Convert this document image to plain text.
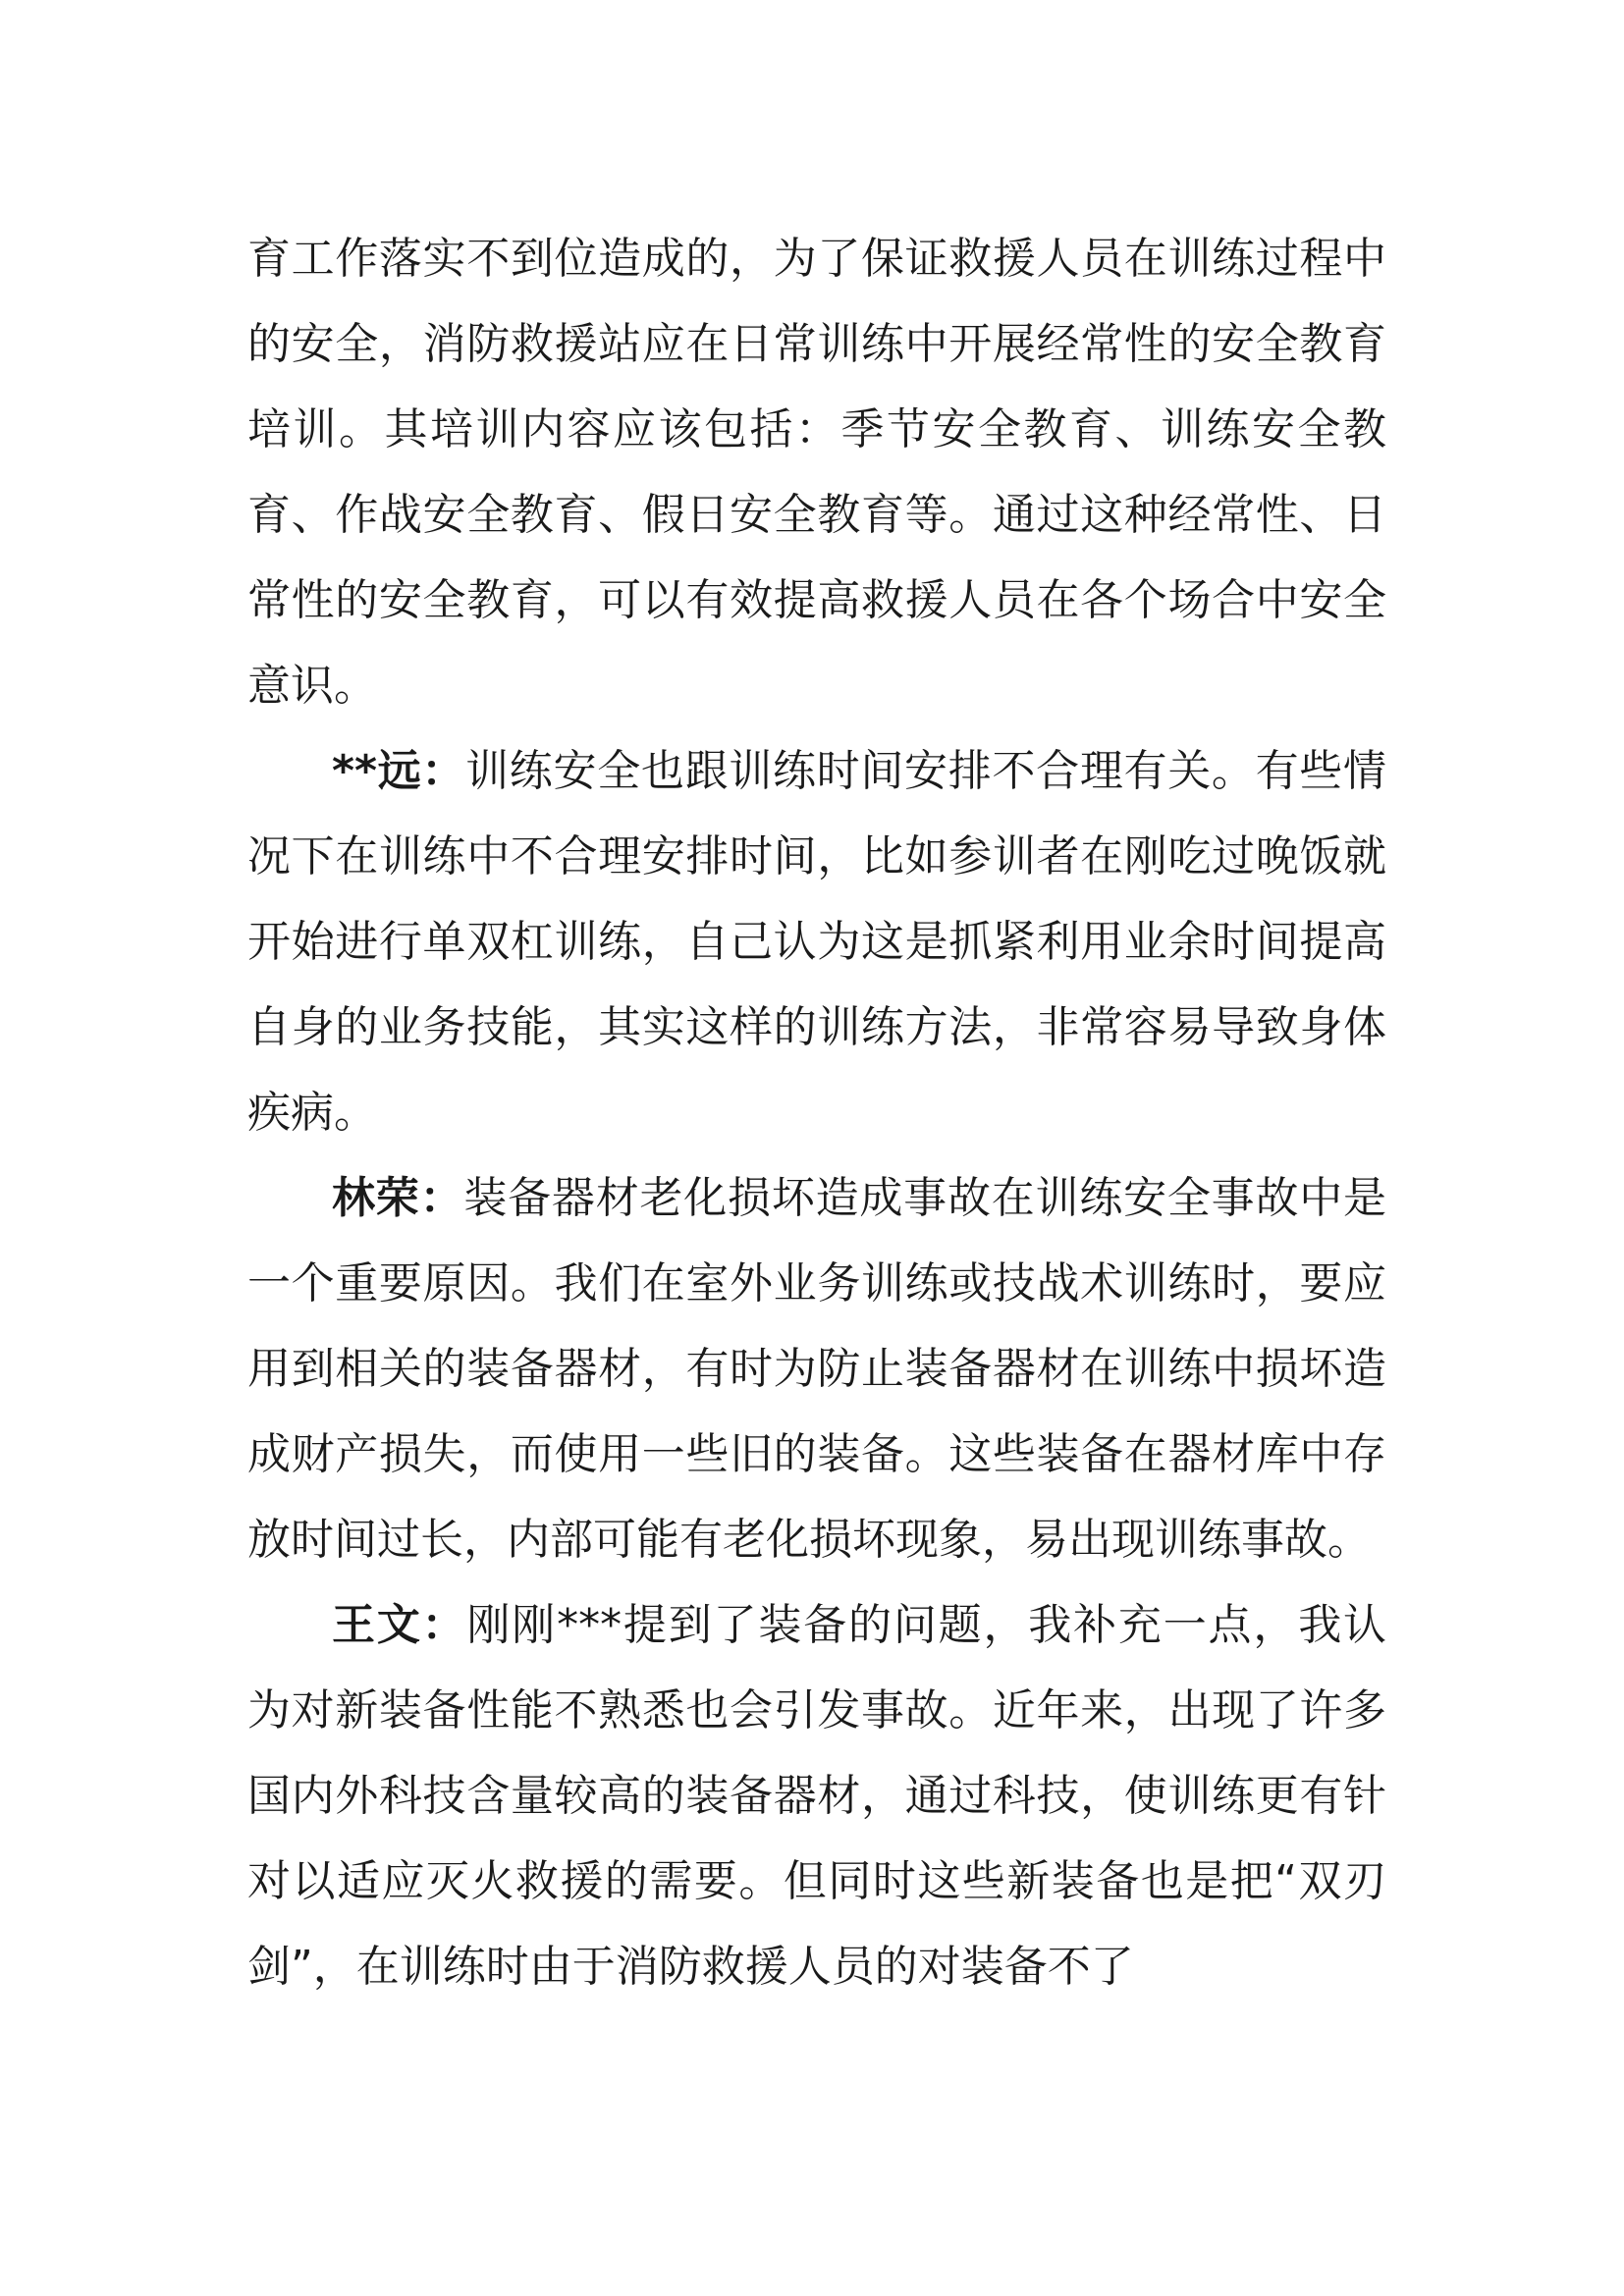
育工作落实不到位造成的，为了保证救援人员在训练过程中的安全，消防救援站应在日常训练中开展经常性的安全教育培训。其培训内容应该包括：季节安全教育、训练安全教育、作战安全教育、假日安全教育等。通过这种经常性、日常性的安全教育，可以有效提高救援人员在各个场合中安全意识。

**远：训练安全也跟训练时间安排不合理有关。有些情况下在训练中不合理安排时间，比如参训者在刚吃过晚饭就开始进行单双杠训练，自己认为这是抓紧利用业余时间提高自身的业务技能，其实这样的训练方法，非常容易导致身体疾病。

林荣：装备器材老化损坏造成事故在训练安全事故中是一个重要原因。我们在室外业务训练或技战术训练时，要应用到相关的装备器材，有时为防止装备器材在训练中损坏造成财产损失，而使用一些旧的装备。这些装备在器材库中存放时间过长，内部可能有老化损坏现象，易出现训练事故。

王文：刚刚***提到了装备的问题，我补充一点，我认为对新装备性能不熟悉也会引发事故。近年来，出现了许多国内外科技含量较高的装备器材，通过科技，使训练更有针对以适应灭火救援的需要。但同时这些新装备也是把“双刃剑”，在训练时由于消防救援人员的对装备不了
